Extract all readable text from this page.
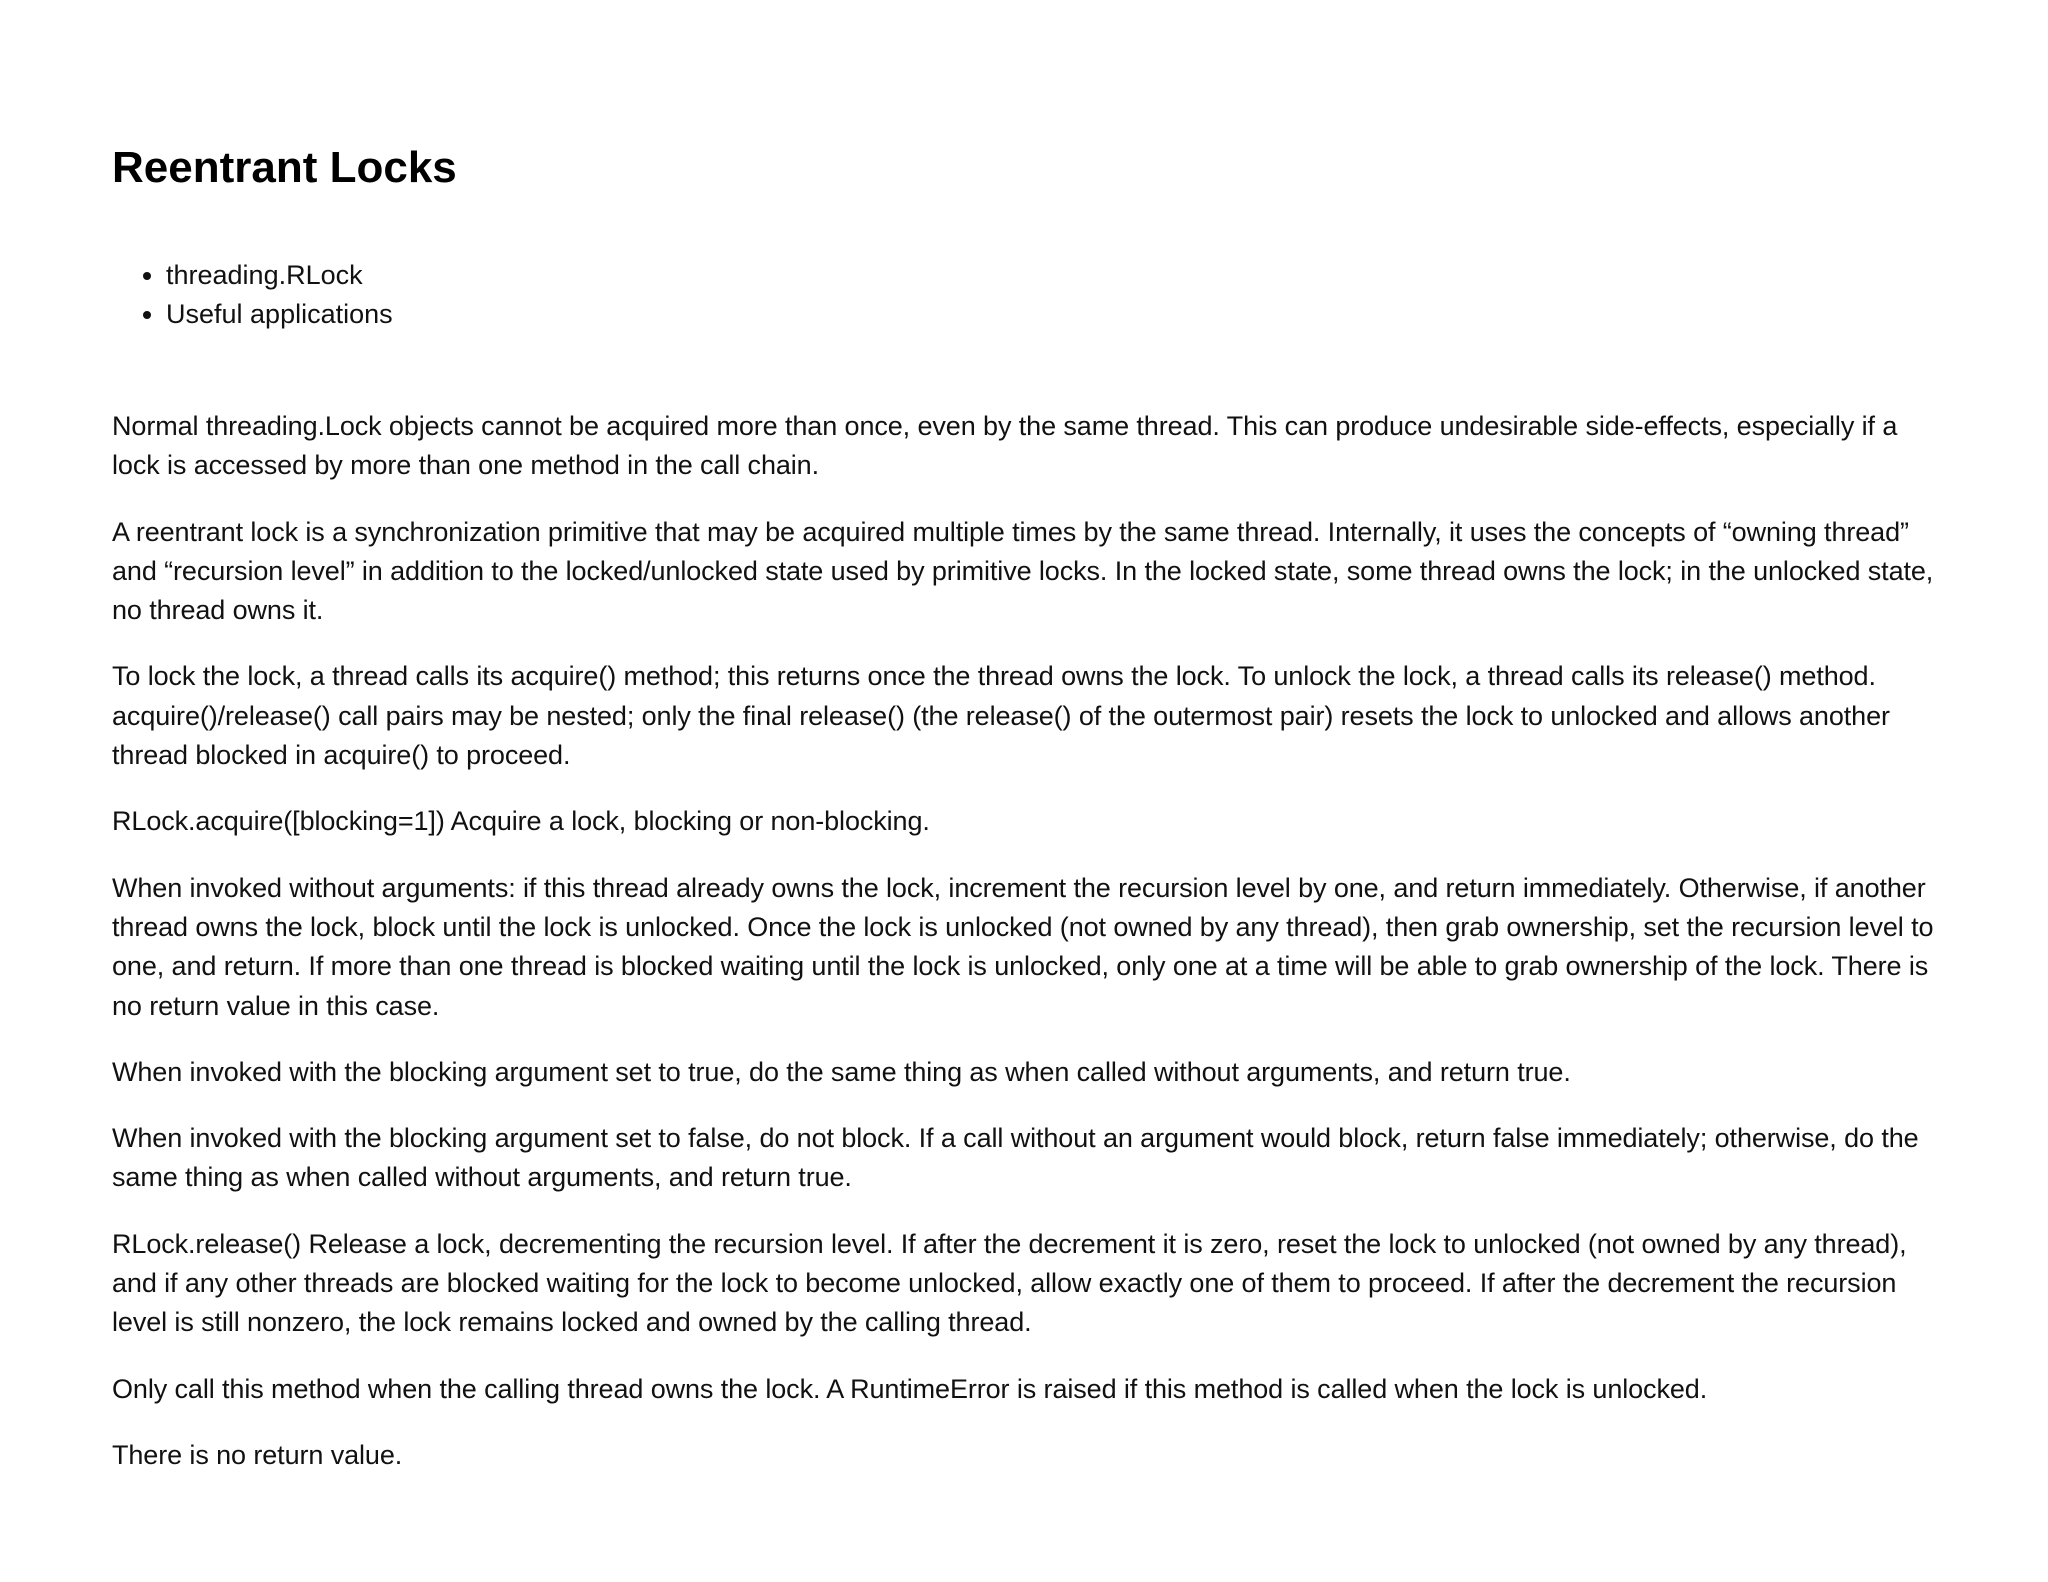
Reentrant Locks
• threading.RLock
• Useful applications

Normal threading.Lock objects cannot be acquired more than once, even by the same thread. This can produce undesirable side-effects, especially if a lock is accessed by more than one method in the call chain.

A reentrant lock is a synchronization primitive that may be acquired multiple times by the same thread. Internally, it uses the concepts of “owning thread” and “recursion level” in addition to the locked/unlocked state used by primitive locks. In the locked state, some thread owns the lock; in the unlocked state, no thread owns it.

To lock the lock, a thread calls its acquire() method; this returns once the thread owns the lock. To unlock the lock, a thread calls its release() method. acquire()/release() call pairs may be nested; only the final release() (the release() of the outermost pair) resets the lock to unlocked and allows another thread blocked in acquire() to proceed.

RLock.acquire([blocking=1]) Acquire a lock, blocking or non-blocking.

When invoked without arguments: if this thread already owns the lock, increment the recursion level by one, and return immediately. Otherwise, if another thread owns the lock, block until the lock is unlocked. Once the lock is unlocked (not owned by any thread), then grab ownership, set the recursion level to one, and return. If more than one thread is blocked waiting until the lock is unlocked, only one at a time will be able to grab ownership of the lock. There is no return value in this case.

When invoked with the blocking argument set to true, do the same thing as when called without arguments, and return true.

When invoked with the blocking argument set to false, do not block. If a call without an argument would block, return false immediately; otherwise, do the same thing as when called without arguments, and return true.

RLock.release() Release a lock, decrementing the recursion level. If after the decrement it is zero, reset the lock to unlocked (not owned by any thread), and if any other threads are blocked waiting for the lock to become unlocked, allow exactly one of them to proceed. If after the decrement the recursion level is still nonzero, the lock remains locked and owned by the calling thread.

Only call this method when the calling thread owns the lock. A RuntimeError is raised if this method is called when the lock is unlocked.

There is no return value.
